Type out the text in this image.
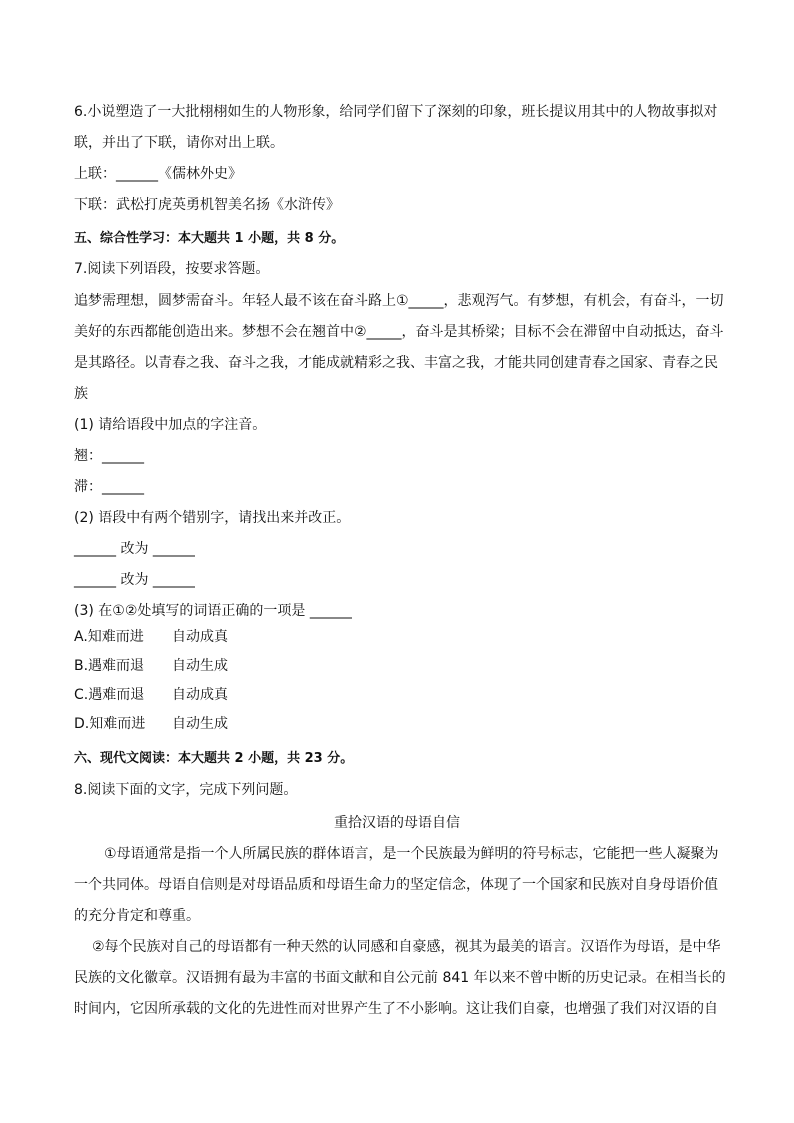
6.小说塑造了一大批栩栩如生的人物形象，给同学们留下了深刻的印象，班长提议用其中的人物故事拟对
联，并出了下联，请你对出上联。
上联：______《儒林外史》
下联：武松打虎英勇机智美名扬《水浒传》
五、综合性学习：本大题共 1 小题，共 8 分。
7.阅读下列语段，按要求答题。
追梦需理想，圆梦需奋斗。年轻人最不该在奋斗路上①_____，悲观泻气。有梦想，有机会，有奋斗，一切
美好的东西都能创造出来。梦想不会在翘首中②_____，奋斗是其桥梁；目标不会在滞留中自动抵达，奋斗
是其路径。以青春之我、奋斗之我，才能成就精彩之我、丰富之我，才能共同创建青春之国家、青春之民
族
(1) 请给语段中加点的字注音。
翘：______
滞：______
(2) 语段中有两个错别字，请找出来并改正。
______ 改为 ______
______ 改为 ______
(3) 在①②处填写的词语正确的一项是 ______
A.知难而进 自动成真
B.遇难而退 自动生成
C.遇难而退 自动成真
D.知难而进 自动生成
六、现代文阅读：本大题共 2 小题，共 23 分。
8.阅读下面的文字，完成下列问题。
重拾汉语的母语自信
①母语通常是指一个人所属民族的群体语言，是一个民族最为鲜明的符号标志，它能把一些人凝聚为
一个共同体。母语自信则是对母语品质和母语生命力的坚定信念，体现了一个国家和民族对自身母语价值
的充分肯定和尊重。
②每个民族对自己的母语都有一种天然的认同感和自豪感，视其为最美的语言。汉语作为母语，是中华
民族的文化徽章。汉语拥有最为丰富的书面文献和自公元前 841 年以来不曾中断的历史记录。在相当长的
时间内，它因所承载的文化的先进性而对世界产生了不小影响。这让我们自豪，也增强了我们对汉语的自
